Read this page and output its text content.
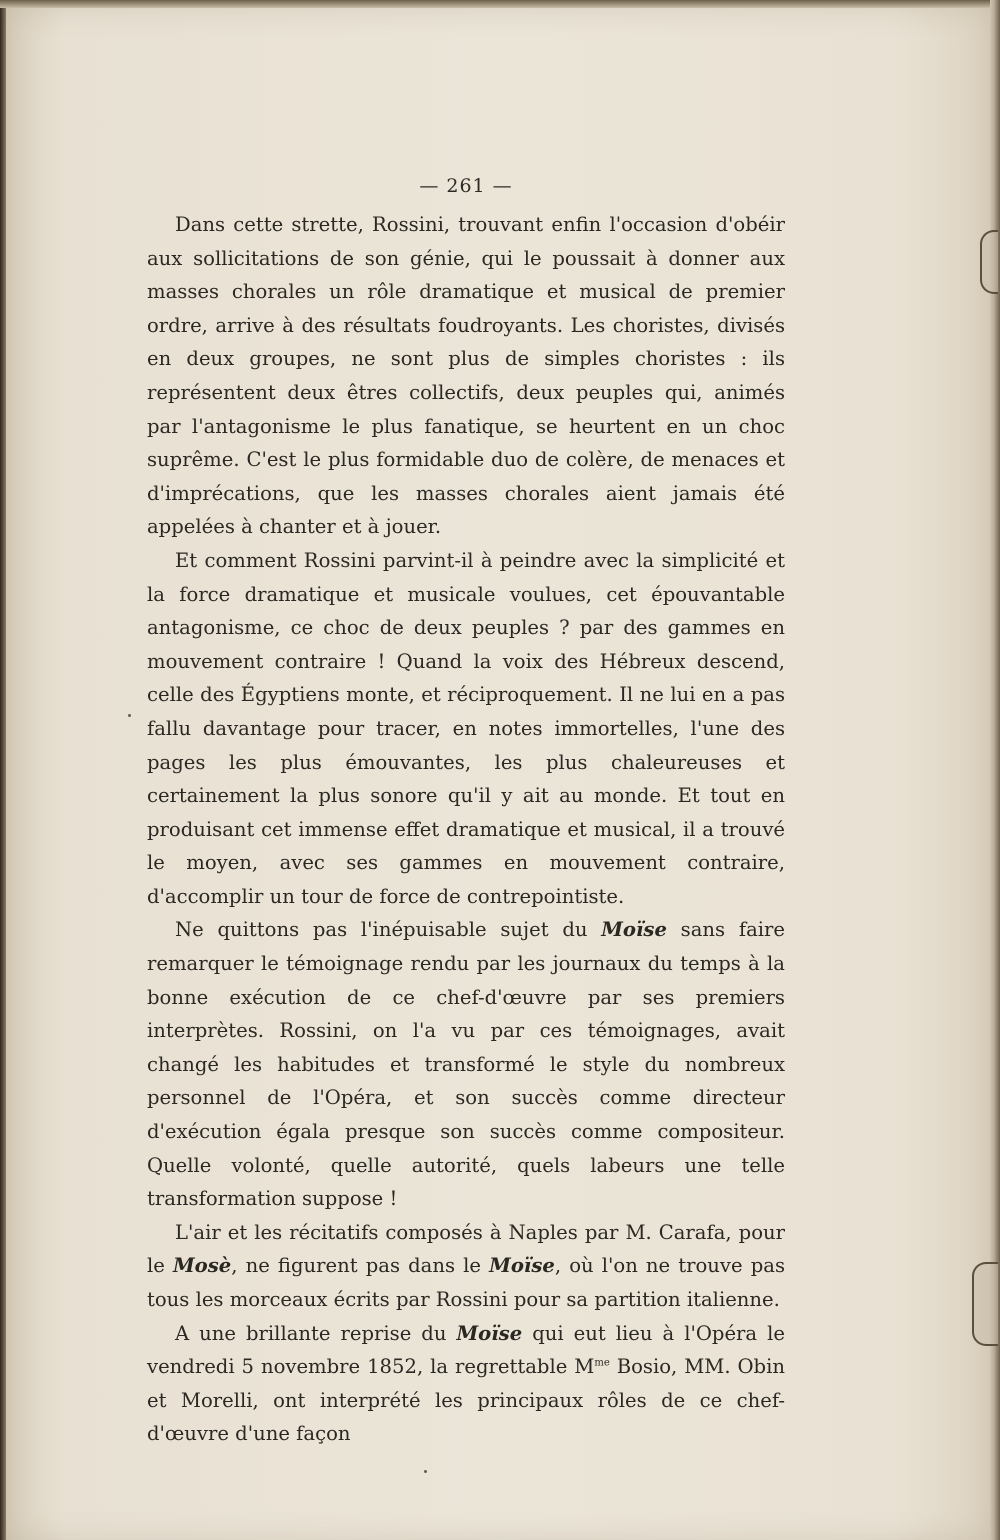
— 261 —

Dans cette strette, Rossini, trouvant enfin l'occasion d'obéir aux sollicitations de son génie, qui le poussait à donner aux masses chorales un rôle dramatique et musical de premier ordre, arrive à des résultats foudroyants. Les choristes, divisés en deux groupes, ne sont plus de simples choristes : ils représentent deux êtres collectifs, deux peuples qui, animés par l'antagonisme le plus fanatique, se heurtent en un choc suprême. C'est le plus formidable duo de colère, de menaces et d'imprécations, que les masses chorales aient jamais été appelées à chanter et à jouer.

Et comment Rossini parvint-il à peindre avec la simplicité et la force dramatique et musicale voulues, cet épouvantable antagonisme, ce choc de deux peuples ? par des gammes en mouvement contraire ! Quand la voix des Hébreux descend, celle des Égyptiens monte, et réciproquement. Il ne lui en a pas fallu davantage pour tracer, en notes immortelles, l'une des pages les plus émouvantes, les plus chaleureuses et certainement la plus sonore qu'il y ait au monde. Et tout en produisant cet immense effet dramatique et musical, il a trouvé le moyen, avec ses gammes en mouvement contraire, d'accomplir un tour de force de contrepointiste.

Ne quittons pas l'inépuisable sujet du Moïse sans faire remarquer le témoignage rendu par les journaux du temps à la bonne exécution de ce chef-d'œuvre par ses premiers interprètes. Rossini, on l'a vu par ces témoignages, avait changé les habitudes et transformé le style du nombreux personnel de l'Opéra, et son succès comme directeur d'exécution égala presque son succès comme compositeur. Quelle volonté, quelle autorité, quels labeurs une telle transformation suppose !

L'air et les récitatifs composés à Naples par M. Carafa, pour le Mosè, ne figurent pas dans le Moïse, où l'on ne trouve pas tous les morceaux écrits par Rossini pour sa partition italienne.

A une brillante reprise du Moïse qui eut lieu à l'Opéra le vendredi 5 novembre 1852, la regrettable $M^{me}$ Bosio, MM. Obin et Morelli, ont interprété les principaux rôles de ce chef-d'œuvre d'une façon
